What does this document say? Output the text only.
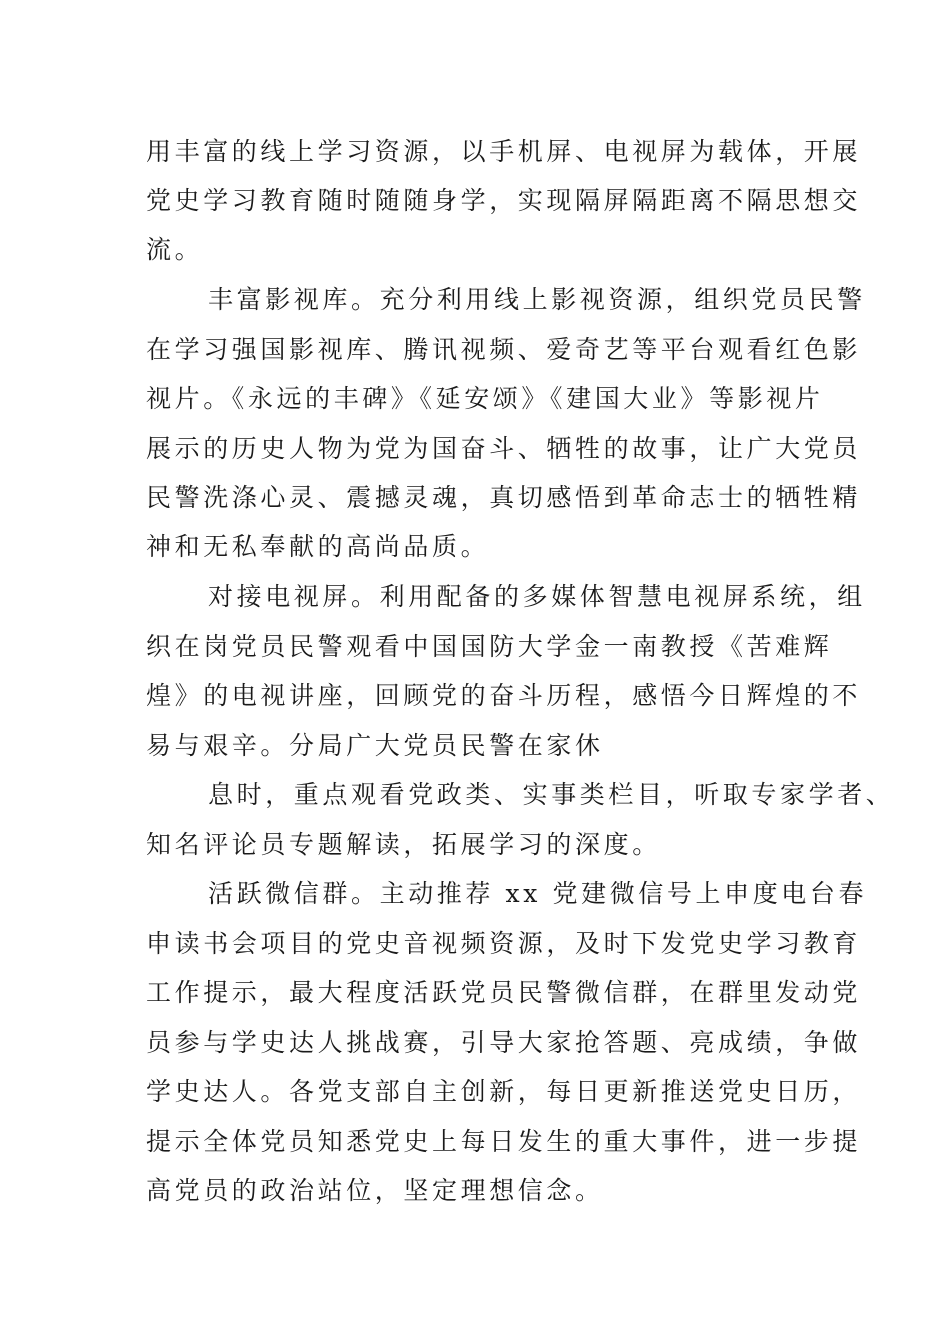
用丰富的线上学习资源，以手机屏、电视屏为载体，开展
党史学习教育随时随随身学，实现隔屏隔距离不隔思想交
流。
丰富影视库。充分利用线上影视资源，组织党员民警
在学习强国影视库、腾讯视频、爱奇艺等平台观看红色影
视片。《永远的丰碑》《延安颂》《建国大业》等影视片
展示的历史人物为党为国奋斗、牺牲的故事，让广大党员
民警洗涤心灵、震撼灵魂，真切感悟到革命志士的牺牲精
神和无私奉献的高尚品质。
对接电视屏。利用配备的多媒体智慧电视屏系统，组
织在岗党员民警观看中国国防大学金一南教授《苦难辉
煌》的电视讲座，回顾党的奋斗历程，感悟今日辉煌的不
易与艰辛。分局广大党员民警在家休
息时，重点观看党政类、实事类栏目，听取专家学者、
知名评论员专题解读，拓展学习的深度。
活跃微信群。主动推荐 xx 党建微信号上申度电台春
申读书会项目的党史音视频资源，及时下发党史学习教育
工作提示，最大程度活跃党员民警微信群，在群里发动党
员参与学史达人挑战赛，引导大家抢答题、亮成绩，争做
学史达人。各党支部自主创新，每日更新推送党史日历，
提示全体党员知悉党史上每日发生的重大事件，进一步提
高党员的政治站位，坚定理想信念。
